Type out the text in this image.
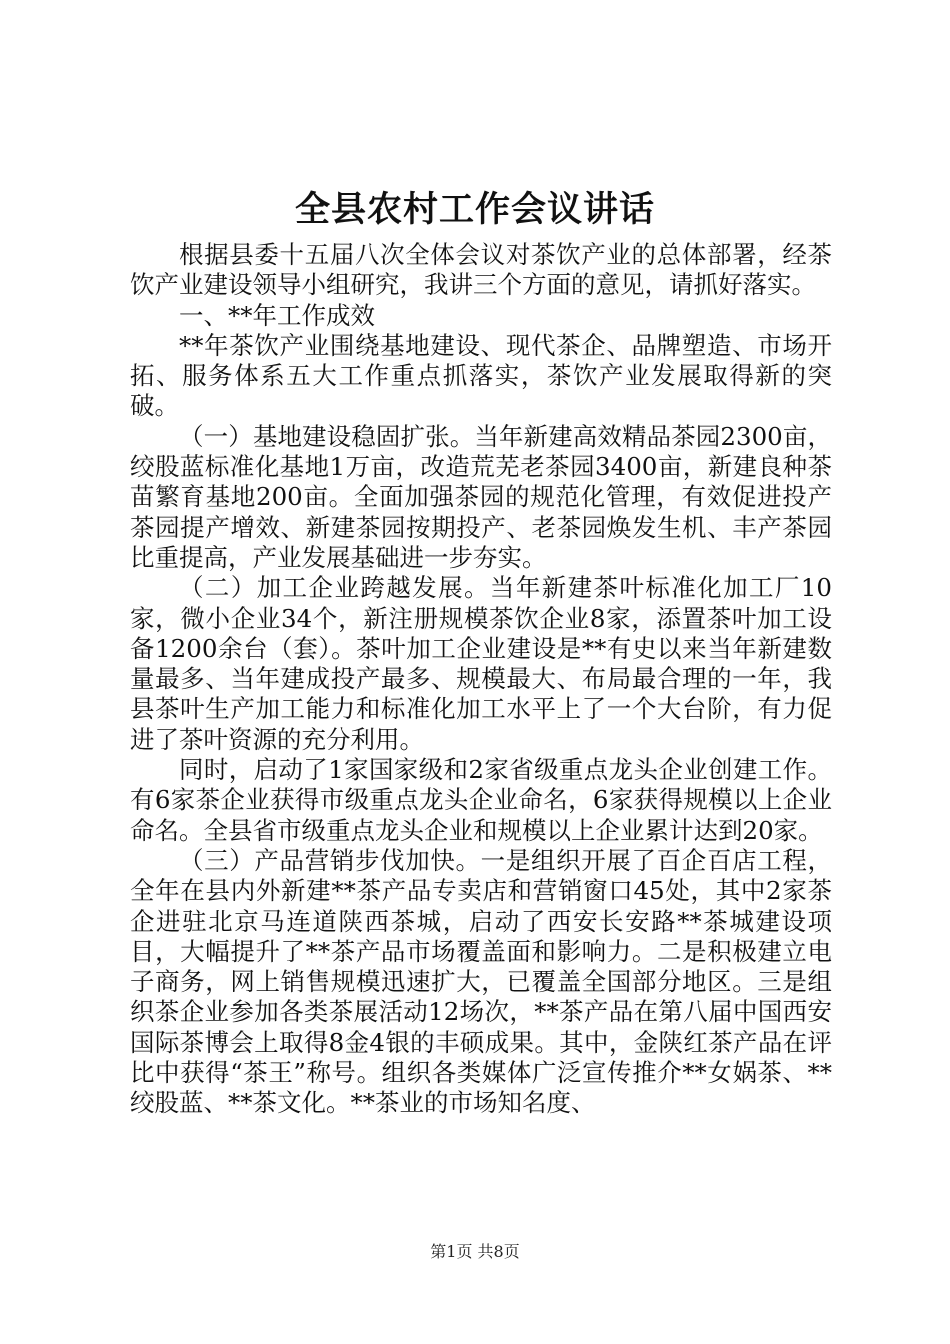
全县农村工作会议讲话

根据县委十五届八次全体会议对茶饮产业的总体部署，经茶饮产业建设领导小组研究，我讲三个方面的意见，请抓好落实。

一、**年工作成效

**年茶饮产业围绕基地建设、现代茶企、品牌塑造、市场开拓、服务体系五大工作重点抓落实，茶饮产业发展取得新的突破。

（一）基地建设稳固扩张。当年新建高效精品茶园2300亩，绞股蓝标准化基地1万亩，改造荒芜老茶园3400亩，新建良种茶苗繁育基地200亩。全面加强茶园的规范化管理，有效促进投产茶园提产增效、新建茶园按期投产、老茶园焕发生机、丰产茶园比重提高，产业发展基础进一步夯实。

（二）加工企业跨越发展。当年新建茶叶标准化加工厂10家，微小企业34个，新注册规模茶饮企业8家，添置茶叶加工设备1200余台（套）。茶叶加工企业建设是**有史以来当年新建数量最多、当年建成投产最多、规模最大、布局最合理的一年，我县茶叶生产加工能力和标准化加工水平上了一个大台阶，有力促进了茶叶资源的充分利用。

同时，启动了1家国家级和2家省级重点龙头企业创建工作。有6家茶企业获得市级重点龙头企业命名，6家获得规模以上企业命名。全县省市级重点龙头企业和规模以上企业累计达到20家。

（三）产品营销步伐加快。一是组织开展了百企百店工程，全年在县内外新建**茶产品专卖店和营销窗口45处，其中2家茶企进驻北京马连道陕西茶城，启动了西安长安路**茶城建设项目，大幅提升了**茶产品市场覆盖面和影响力。二是积极建立电子商务，网上销售规模迅速扩大，已覆盖全国部分地区。三是组织茶企业参加各类茶展活动12场次，**茶产品在第八届中国西安国际茶博会上取得8金4银的丰硕成果。其中，金陕红茶产品在评比中获得“茶王”称号。组织各类媒体广泛宣传推介**女娲茶、**绞股蓝、**茶文化。**茶业的市场知名度、

第1页 共8页
